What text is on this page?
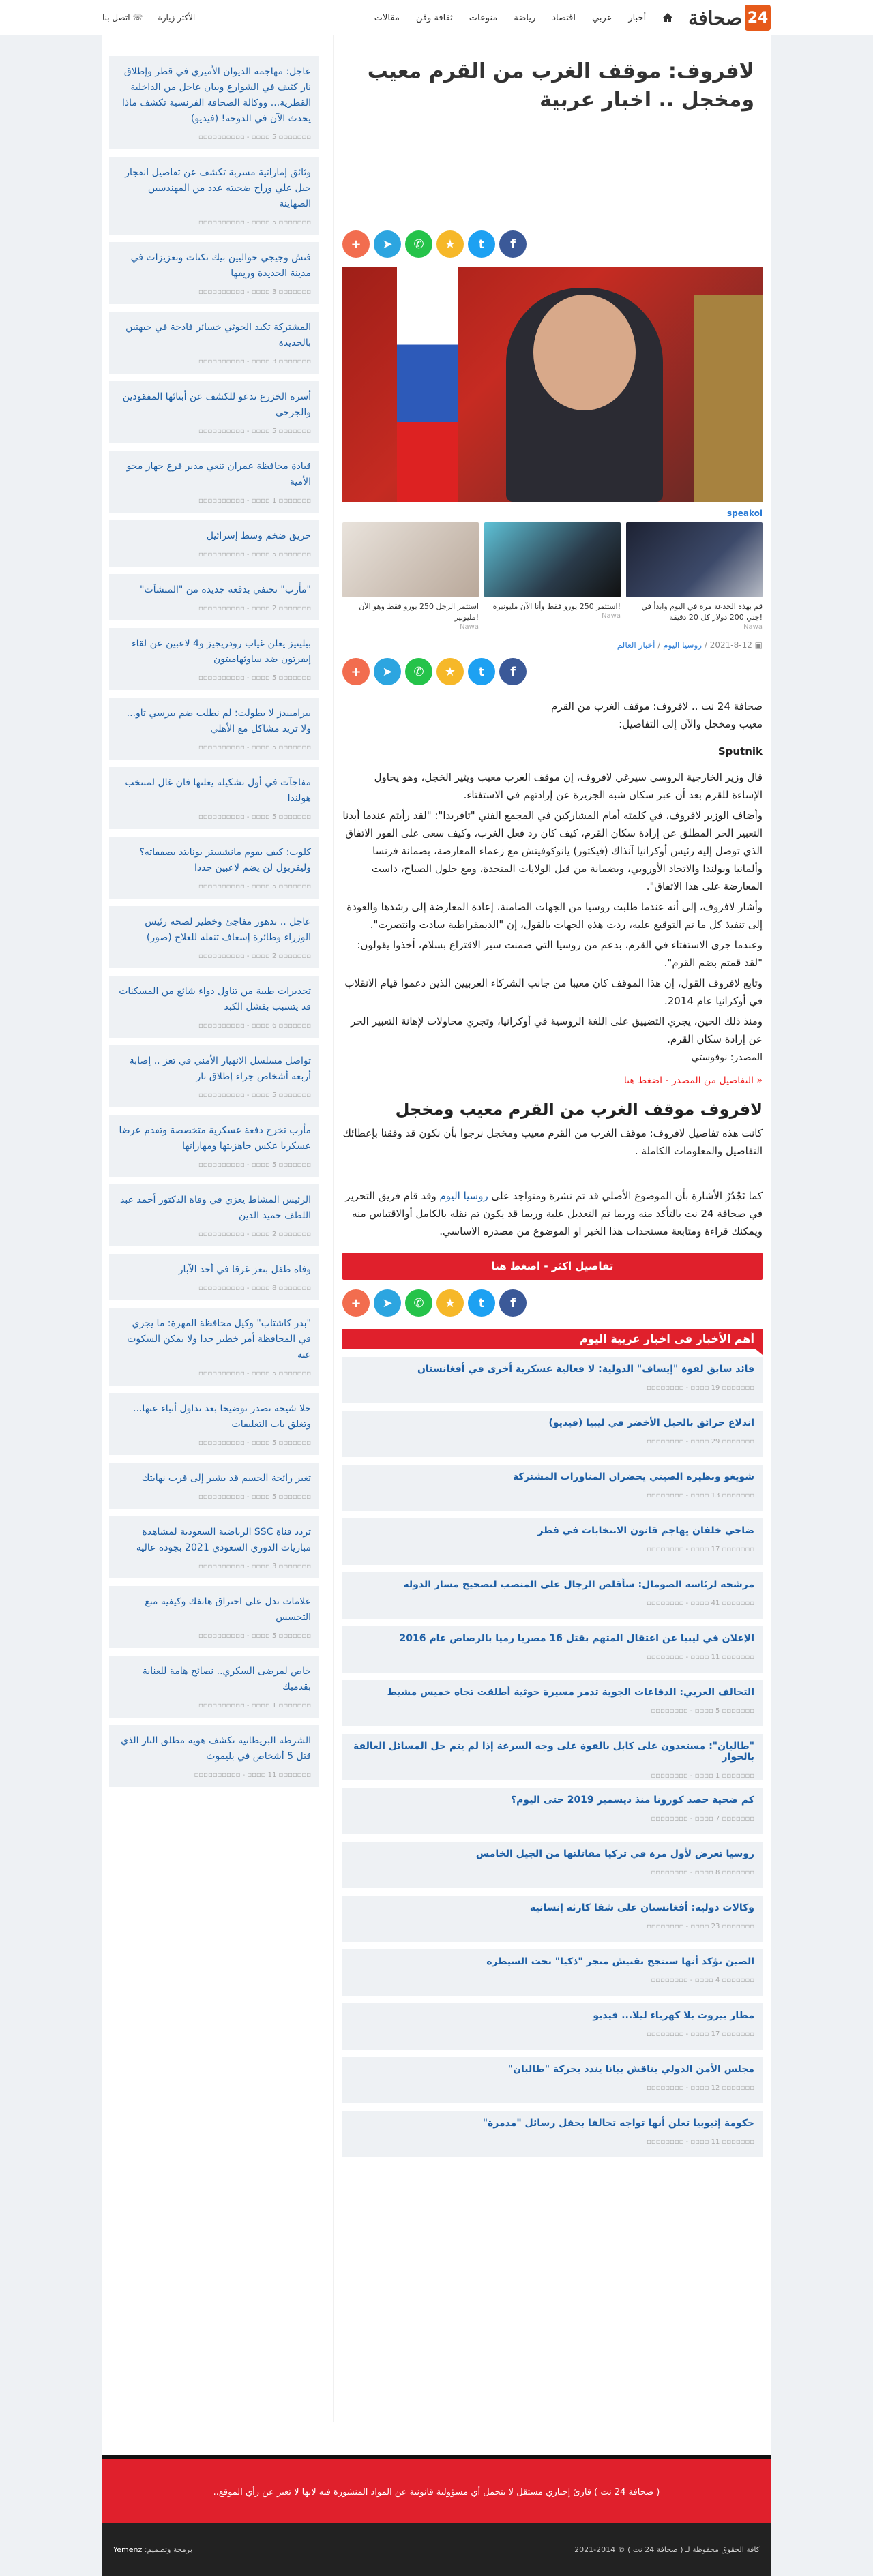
24
صحافة
أخبار
عربي
اقتصاد
رياضة
منوعات
ثقافة وفن
مقالات
الأكثر زيارة
☏ اتصل بنا
لافروف: موقف الغرب من القرم معيب ومخجل .. اخبار عربية
f
t
★
✆
➤
+
speakol
استثمر الرجل 250 يورو فقط وهو الآن مليونير!
Nawa
استثمر 250 يورو فقط وأنا الآن مليونيرة!
Nawa
قم بهذه الخدعة مرة في اليوم وابدأ في جني 200 دولار كل 20 دقيقة!
Nawa
▣ 2021-8-12 / روسيا اليوم / أخبار العالم
f
t
★
✆
➤
+

صحافة 24 نت .. لافروف: موقف الغرب من القرم معيب ومخجل والآن إلى التفاصيل:

Sputnik

قال وزير الخارجية الروسي سيرغي لافروف، إن موقف الغرب معيب ويثير الخجل، وهو يحاول الإساءة للقرم بعد أن عبر سكان شبه الجزيرة عن إرادتهم في الاستفتاء.

وأضاف الوزير لافروف، في كلمته أمام المشاركين في المجمع الفني "تافريدا": "لقد رأيتم عندما أبدنا التعبير الحر المطلق عن إرادة سكان القرم، كيف كان رد فعل الغرب، وكيف سعى على الفور الاتفاق الذي توصل إليه رئيس أوكرانيا آنذاك (فيكتور) يانوكوفيتش مع زعماء المعارضة، بضمانة فرنسا وألمانيا وبولندا والاتحاد الأوروبي، وبضمانة من قبل الولايات المتحدة، ومع حلول الصباح، داست المعارضة على هذا الاتفاق".

وأشار لافروف، إلى أنه عندما طلبت روسيا من الجهات الضامنة، إعادة المعارضة إلى رشدها والعودة إلى تنفيذ كل ما تم التوقيع عليه، ردت هذه الجهات بالقول، إن "الديمقراطية سادت وانتصرت".

وعندما جرى الاستفتاء في القرم، بدعم من روسيا التي ضمنت سير الاقتراع بسلام، أخذوا يقولون: "لقد قمتم بضم القرم".

وتابع لافروف القول، إن هذا الموقف كان معيبا من جانب الشركاء الغربيين الذين دعموا قيام الانقلاب في أوكرانيا عام 2014.

ومنذ ذلك الحين، يجري التضييق على اللغة الروسية في أوكرانيا، وتجري محاولات لإهانة التعبير الحر عن إرادة سكان القرم.

المصدر: نوفوستي
« التفاصيل من المصدر - اضغط هنا
لافروف موقف الغرب من القرم معيب ومخجل

كانت هذه تفاصيل لافروف: موقف الغرب من القرم معيب ومخجل نرجوا بأن نكون قد وفقنا بإعطائك التفاصيل والمعلومات الكاملة .

كما تَجْدُرُ الأشارة بأن الموضوع الأصلي قد تم نشرة ومتواجد على روسيا اليوم وقد قام فريق التحرير في صحافة 24 نت بالتأكد منه وربما تم التعديل علية وربما قد يكون تم نقله بالكامل أوالاقتباس منه ويمكنك قراءة ومتابعة مستجدات هذا الخبر او الموضوع من مصدره الاساسي.

تفاصيل اكثر - اضغط هنا
f
t
★
✆
➤
+
أهم الأخبار في اخبار عربية اليوم
قائد سابق لقوة "إيساف" الدولية: لا فعالية عسكرية أخرى في أفغانستان
▫▫▫▫▫▫▫ 19 ▫▫▫▫ - ▫▫▫▫▫▫▫▫
اندلاع حرائق بالجبل الأخضر في ليبيا (فيديو)
▫▫▫▫▫▫▫ 29 ▫▫▫▫ - ▫▫▫▫▫▫▫▫
شويغو ونظيره الصيني يحضران المناورات المشتركة
▫▫▫▫▫▫▫ 13 ▫▫▫▫ - ▫▫▫▫▫▫▫▫
ضاحي خلفان يهاجم قانون الانتخابات في قطر
▫▫▫▫▫▫▫ 17 ▫▫▫▫ - ▫▫▫▫▫▫▫▫
مرشحة لرئاسة الصومال: سأقلص الرجال على المنصب لتصحيح مسار الدولة
▫▫▫▫▫▫▫ 41 ▫▫▫▫ - ▫▫▫▫▫▫▫▫
الإعلان في ليبيا عن اعتقال المتهم بقتل 16 مصريا رميا بالرصاص عام 2016
▫▫▫▫▫▫▫ 11 ▫▫▫▫ - ▫▫▫▫▫▫▫▫
التحالف العربي: الدفاعات الجوية تدمر مسيرة حوثية أطلقت تجاه خميس مشيط
▫▫▫▫▫▫▫ 5 ▫▫▫▫ - ▫▫▫▫▫▫▫▫
"طالبان": مستعدون على كابل بالقوة على وجه السرعة إذا لم يتم حل المسائل العالقة بالحوار
▫▫▫▫▫▫▫ 1 ▫▫▫▫ - ▫▫▫▫▫▫▫▫
كم ضحية حصد كورونا منذ ديسمبر 2019 حتى اليوم؟
▫▫▫▫▫▫▫ 7 ▫▫▫▫ - ▫▫▫▫▫▫▫▫
روسيا تعرض لأول مرة في تركيا مقاتلتها من الجيل الخامس
▫▫▫▫▫▫▫ 8 ▫▫▫▫ - ▫▫▫▫▫▫▫▫
وكالات دولية: أفغانستان على شفا كارثة إنسانية
▫▫▫▫▫▫▫ 23 ▫▫▫▫ - ▫▫▫▫▫▫▫▫
الصين تؤكد أنها ستنجح تفتيش متجر "ذكيا" تحت السيطرة
▫▫▫▫▫▫▫ 4 ▫▫▫▫ - ▫▫▫▫▫▫▫▫
مطار بيروت بلا كهرباء ليلا... فيديو
▫▫▫▫▫▫▫ 17 ▫▫▫▫ - ▫▫▫▫▫▫▫▫
مجلس الأمن الدولي يناقش بيانا يندد بحركة "طالبان"
▫▫▫▫▫▫▫ 12 ▫▫▫▫ - ▫▫▫▫▫▫▫▫
حكومة إثيوبيا تعلن أنها تواجه تحالفا بحفل رسائل "مدمرة"
▫▫▫▫▫▫▫ 11 ▫▫▫▫ - ▫▫▫▫▫▫▫▫
عاجل: مهاجمة الديوان الأميري في قطر وإطلاق نار كثيف في الشوارع وبيان عاجل من الداخلية القطرية... ووكالة الصحافة الفرنسية تكشف ماذا يحدث الآن في الدوحة! (فيديو)
▫▫▫▫▫▫▫ 5 ▫▫▫▫ - ▫▫▫▫▫▫▫▫▫▫
وثائق إماراتية مسربة تكشف عن تفاصيل انفجار جبل علي وراح ضحيته عدد من المهندسين الصهاينة
▫▫▫▫▫▫▫ 5 ▫▫▫▫ - ▫▫▫▫▫▫▫▫▫▫
فتش وجيجي حواليين بيك تكنات وتعزيزات في مدينة الحديدة وريفها
▫▫▫▫▫▫▫ 3 ▫▫▫▫ - ▫▫▫▫▫▫▫▫▫▫
المشتركة تكبد الحوثي خسائر فادحة في جبهتين بالحديدة
▫▫▫▫▫▫▫ 3 ▫▫▫▫ - ▫▫▫▫▫▫▫▫▫▫
أسرة الخزرع تدعو للكشف عن أبنائها المفقودين والجرحى
▫▫▫▫▫▫▫ 5 ▫▫▫▫ - ▫▫▫▫▫▫▫▫▫▫
قيادة محافظة عمران تنعي مدير فرع جهاز محو الأمية
▫▫▫▫▫▫▫ 1 ▫▫▫▫ - ▫▫▫▫▫▫▫▫▫▫
حريق ضخم وسط إسرائيل
▫▫▫▫▫▫▫ 5 ▫▫▫▫ - ▫▫▫▫▫▫▫▫▫▫
"مأرب" تحتفي بدفعة جديدة من "المنشآت"
▫▫▫▫▫▫▫ 2 ▫▫▫▫ - ▫▫▫▫▫▫▫▫▫▫
بيليتيز يعلن غياب رودريجيز و4 لاعبين عن لقاء إيفرتون ضد ساوثهامبتون
▫▫▫▫▫▫▫ 5 ▫▫▫▫ - ▫▫▫▫▫▫▫▫▫▫
بيرامبيدز لا يطولت: لم نطلب ضم بيرسي تاو... ولا تريد مشاكل مع الأهلي
▫▫▫▫▫▫▫ 5 ▫▫▫▫ - ▫▫▫▫▫▫▫▫▫▫
مفاجآت في أول تشكيلة يعلنها فان غال لمنتخب هولندا
▫▫▫▫▫▫▫ 5 ▫▫▫▫ - ▫▫▫▫▫▫▫▫▫▫
كلوب: كيف يقوم مانشستر يونايتد بصفقاته؟ وليفربول لن يضم لاعبين جددا
▫▫▫▫▫▫▫ 5 ▫▫▫▫ - ▫▫▫▫▫▫▫▫▫▫
عاجل .. تدهور مفاجئ وخطير لصحة رئيس الوزراء وطائرة إسعاف تنقله للعلاج (صور)
▫▫▫▫▫▫▫ 2 ▫▫▫▫ - ▫▫▫▫▫▫▫▫▫▫
تحذيرات طبية من تناول دواء شائع من المسكنات قد يتسبب بفشل الكبد
▫▫▫▫▫▫▫ 6 ▫▫▫▫ - ▫▫▫▫▫▫▫▫▫▫
تواصل مسلسل الانهيار الأمني في تعز .. إصابة أربعة أشخاص جراء إطلاق نار
▫▫▫▫▫▫▫ 5 ▫▫▫▫ - ▫▫▫▫▫▫▫▫▫▫
مأرب تخرج دفعة عسكرية متخصصة وتقدم عرضا عسكريا عكس جاهزيتها ومهاراتها
▫▫▫▫▫▫▫ 5 ▫▫▫▫ - ▫▫▫▫▫▫▫▫▫▫
الرئيس المشاط يعزي في وفاة الدكتور أحمد عبد اللطف حميد الدين
▫▫▫▫▫▫▫ 2 ▫▫▫▫ - ▫▫▫▫▫▫▫▫▫▫
وفاة طفل بتعز غرقا في أحد الآبار
▫▫▫▫▫▫▫ 8 ▫▫▫▫ - ▫▫▫▫▫▫▫▫▫▫
"بدر كاشتاب" وكيل محافظة المهرة: ما يجري في المحافظة أمر خطير جدا ولا يمكن السكوت عنه
▫▫▫▫▫▫▫ 5 ▫▫▫▫ - ▫▫▫▫▫▫▫▫▫▫
حلا شيحة تصدر توضيحا بعد تداول أنباء عنها... وتغلق باب التعليقات
▫▫▫▫▫▫▫ 5 ▫▫▫▫ - ▫▫▫▫▫▫▫▫▫▫
تغير رائحة الجسم قد يشير إلى قرب نهايتك
▫▫▫▫▫▫▫ 5 ▫▫▫▫ - ▫▫▫▫▫▫▫▫▫▫
تردد قناة SSC الرياضية السعودية لمشاهدة مباريات الدوري السعودي 2021 بجودة عالية
▫▫▫▫▫▫▫ 3 ▫▫▫▫ - ▫▫▫▫▫▫▫▫▫▫
علامات تدل على احتراق هاتفك وكيفية منع التجسس
▫▫▫▫▫▫▫ 5 ▫▫▫▫ - ▫▫▫▫▫▫▫▫▫▫
خاص لمرضى السكري.. نصائح هامة للعناية بقدميك
▫▫▫▫▫▫▫ 1 ▫▫▫▫ - ▫▫▫▫▫▫▫▫▫▫
الشرطة البريطانية تكشف هوية مطلق النار الذي قتل 5 أشخاص في بليموث
▫▫▫▫▫▫▫ 11 ▫▫▫▫ - ▫▫▫▫▫▫▫▫▫▫
( صحافة 24 نت ) قارئ إخباري مستقل لا يتحمل أي مسؤولية قانونية عن المواد المنشورة فيه لانها لا تعبر عن رأي الموقع..
كافة الحقوق محفوظة لـ ( صحافة 24 نت ) © 2014-2021
برمجة وتصميم: Yemenz
